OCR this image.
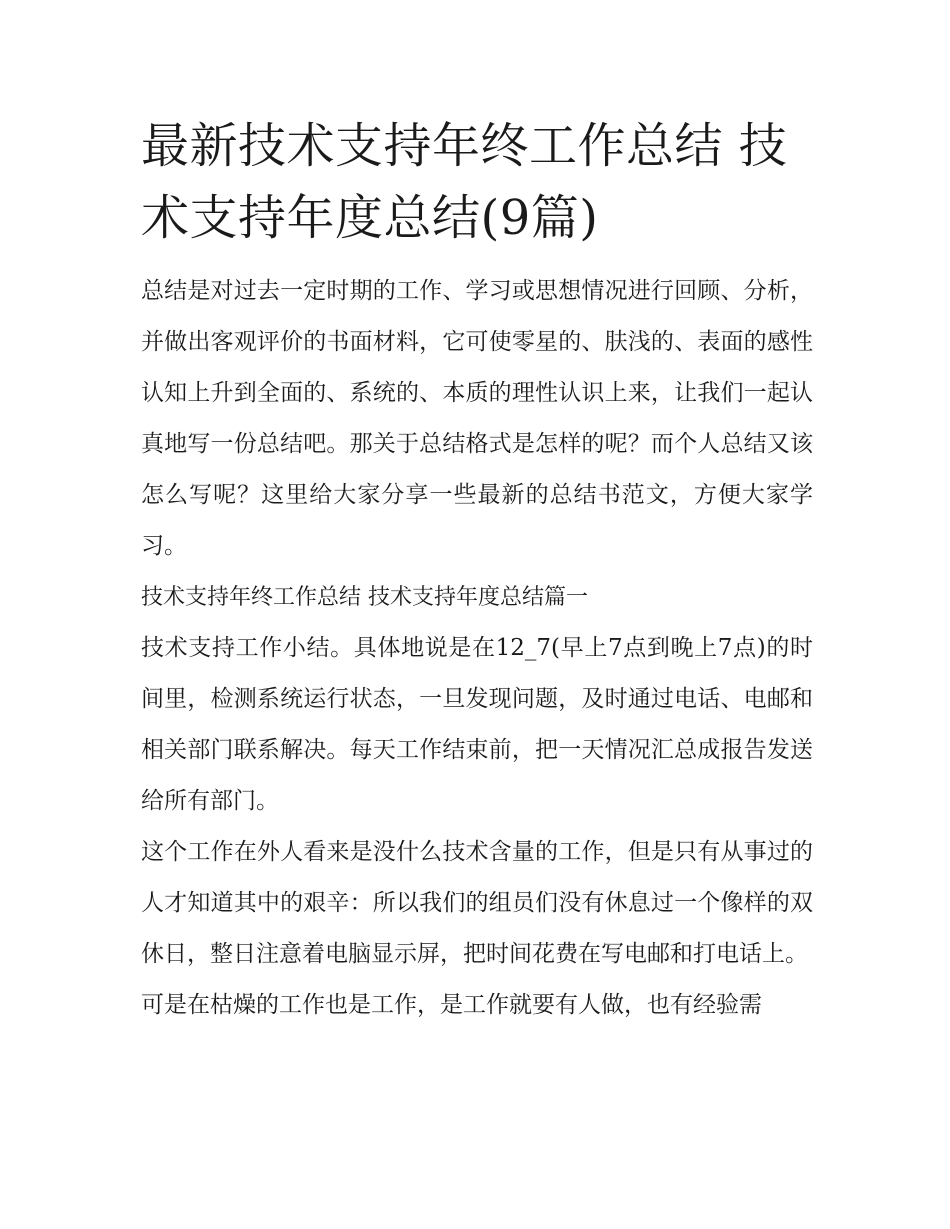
最新技术支持年终工作总结 技术支持年度总结(9篇)

总结是对过去一定时期的工作、学习或思想情况进行回顾、分析，并做出客观评价的书面材料，它可使零星的、肤浅的、表面的感性认知上升到全面的、系统的、本质的理性认识上来，让我们一起认真地写一份总结吧。那关于总结格式是怎样的呢？而个人总结又该怎么写呢？这里给大家分享一些最新的总结书范文，方便大家学习。

技术支持年终工作总结 技术支持年度总结篇一

技术支持工作小结。具体地说是在12_7(早上7点到晚上7点)的时间里，检测系统运行状态，一旦发现问题，及时通过电话、电邮和相关部门联系解决。每天工作结束前，把一天情况汇总成报告发送给所有部门。

这个工作在外人看来是没什么技术含量的工作，但是只有从事过的人才知道其中的艰辛：所以我们的组员们没有休息过一个像样的双休日，整日注意着电脑显示屏，把时间花费在写电邮和打电话上。

可是在枯燥的工作也是工作，是工作就要有人做，也有经验需
